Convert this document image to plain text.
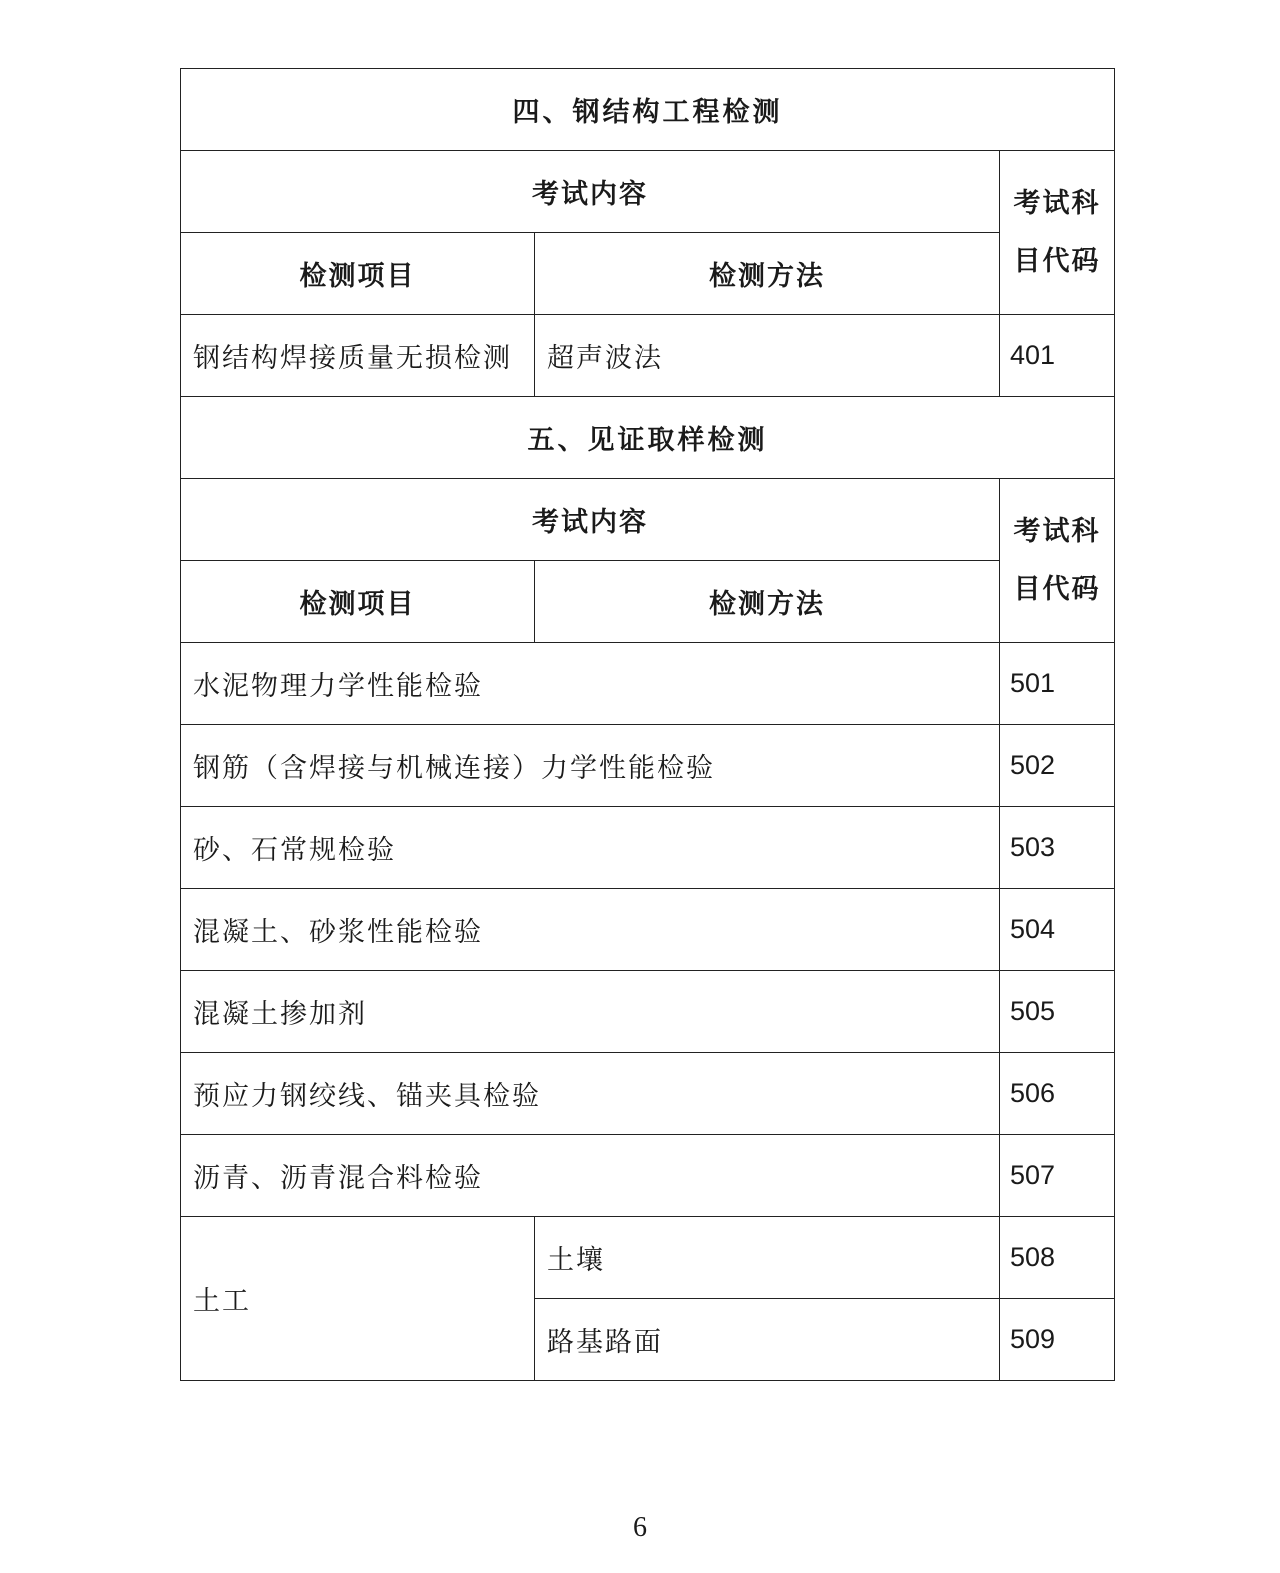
四、钢结构工程检测		
考试内容		考试科目代码
检测项目	检测方法	
钢结构焊接质量无损检测	超声波法	401
五、见证取样检测		
考试内容		考试科目代码
检测项目	检测方法	
水泥物理力学性能检验		501
钢筋（含焊接与机械连接）力学性能检验		502
砂、石常规检验		503
混凝土、砂浆性能检验		504
混凝土掺加剂		505
预应力钢绞线、锚夹具检验		506
沥青、沥青混合料检验		507
土工	土壤	508
	路基路面	509
6
